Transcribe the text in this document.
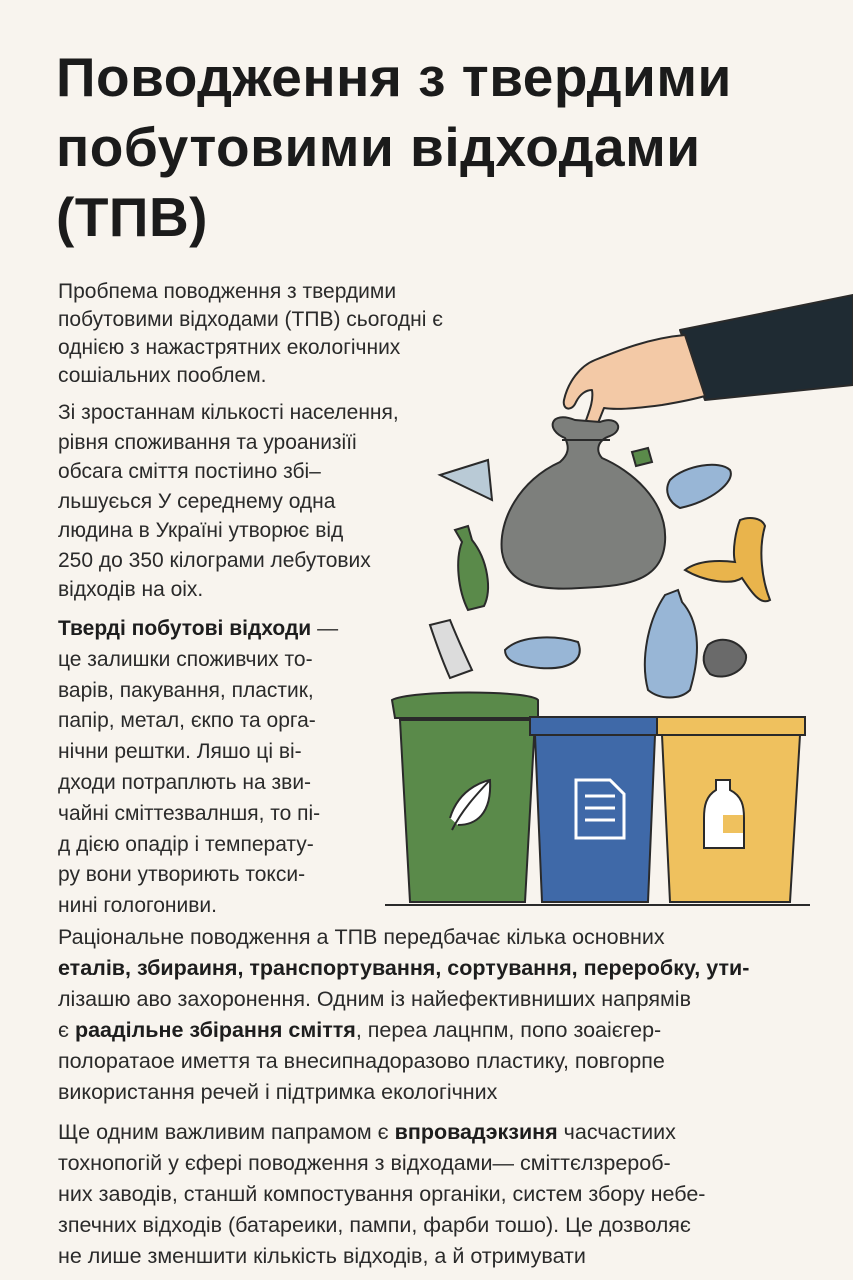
Поводження з твердими
побутовими відходами
(ТПВ)
Пробпема поводження з твердими
побутовими відходами (ТПВ) сьогодні є
однією з нажастрятних екологічних
сошіальних пооблем.
Зі зростаннам кількості населення,
рівня споживання та уроанизіїі
обсага сміття постіино збі–
льшуєься У середнему одна
людина в Україні утворює від
250 до 350 кілограми лебутових
відходів на оіх.
Тверді побутові відходи —
це залишки споживчих то-
варів, пакування, пластик,
папір, метал, єкпо та орга-
нічни рештки. Ляшо ці ві-
дходи потраплють на зви-
чайні сміттезвалншя, то пі-
д дією опадір і температу-
ру вони утвориють токси-
нині гологониви.
Раціональне поводження а ТПВ передбачає кілька основних
еталів, збираиня, транспортування, сортування, переробку, ути-
лізашю аво захоронення. Одним із найефективниших напрямів
є раадільне збірання сміття, переа лацнпм, попо зоаієгер-
полоратаое имеття та внесипнадоразово пластику, повгорпе
використання речей і підтримка екологічних
Ще одним важливим папрамом є впровадэкзиня часчастиих
тохнопогій у єфері поводження з відходами— сміттєлзрероб-
них заводів, станшй компостування органіки, систем збору небе-
зпечних відходів (батареики, пампи, фарби тошо). Це дозволяє
не лише зменшити кількість відходів, а й отримувати
